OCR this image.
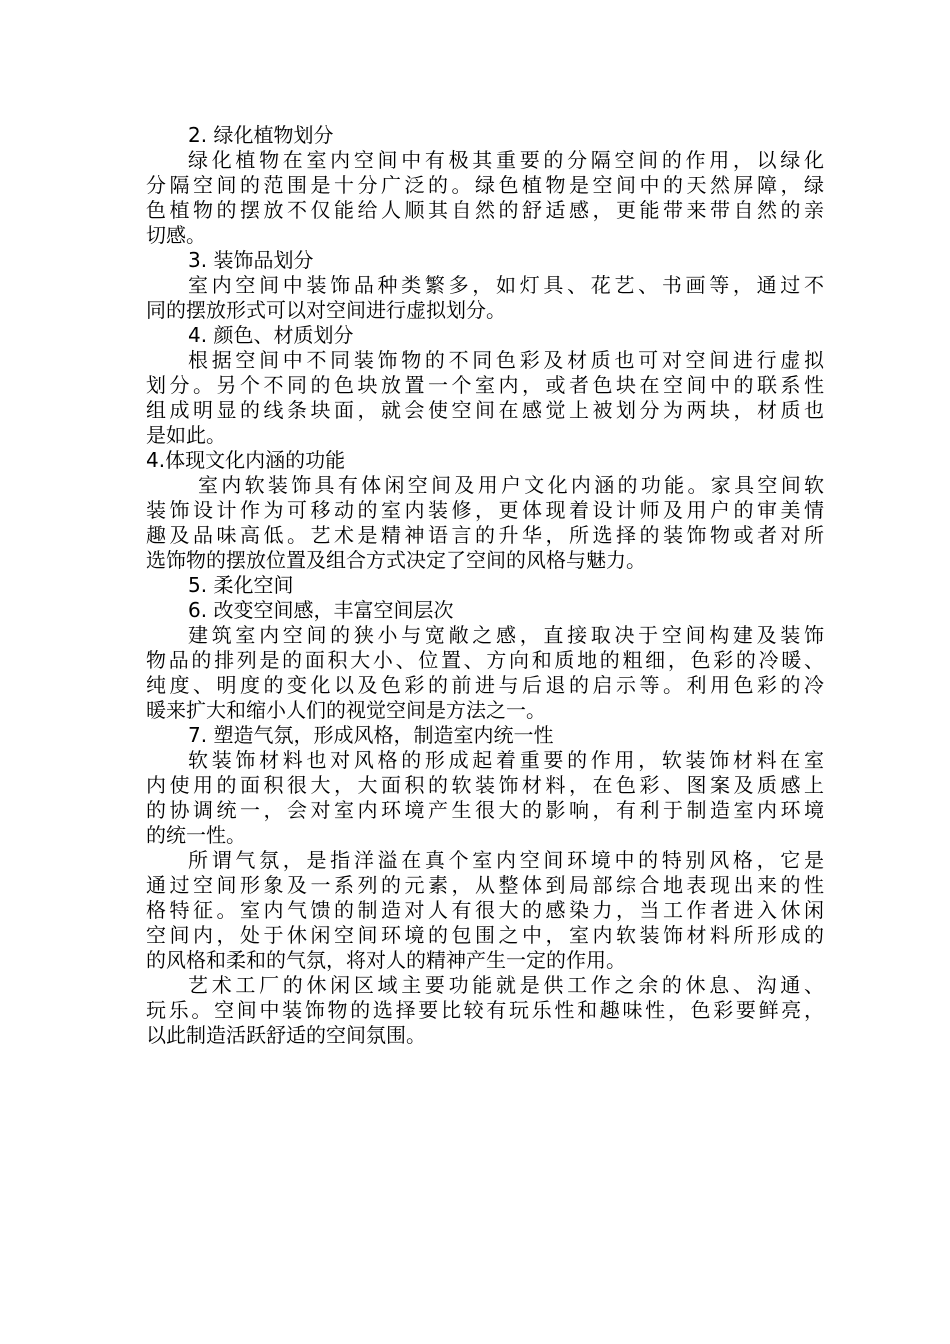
2. 绿化植物划分
绿化植物在室内空间中有极其重要的分隔空间的作用，以绿化
分隔空间的范围是十分广泛的。绿色植物是空间中的天然屏障，绿
色植物的摆放不仅能给人顺其自然的舒适感，更能带来带自然的亲
切感。
3. 装饰品划分
室内空间中装饰品种类繁多，如灯具、花艺、书画等，通过不
同的摆放形式可以对空间进行虚拟划分。
4. 颜色、材质划分
根据空间中不同装饰物的不同色彩及材质也可对空间进行虚拟
划分。另个不同的色块放置一个室内，或者色块在空间中的联系性
组成明显的线条块面，就会使空间在感觉上被划分为两块，材质也
是如此。
4.体现文化内涵的功能
室内软装饰具有体闲空间及用户文化内涵的功能。家具空间软
装饰设计作为可移动的室内装修，更体现着设计师及用户的审美情
趣及品味高低。艺术是精神语言的升华，所选择的装饰物或者对所
选饰物的摆放位置及组合方式决定了空间的风格与魅力。
5. 柔化空间
6. 改变空间感，丰富空间层次
建筑室内空间的狭小与宽敞之感，直接取决于空间构建及装饰
物品的排列是的面积大小、位置、方向和质地的粗细，色彩的冷暖、
纯度、明度的变化以及色彩的前进与后退的启示等。利用色彩的冷
暖来扩大和缩小人们的视觉空间是方法之一。
7. 塑造气氛，形成风格，制造室内统一性
软装饰材料也对风格的形成起着重要的作用，软装饰材料在室
内使用的面积很大，大面积的软装饰材料，在色彩、图案及质感上
的协调统一，会对室内环境产生很大的影响，有利于制造室内环境
的统一性。
所谓气氛，是指洋溢在真个室内空间环境中的特别风格，它是
通过空间形象及一系列的元素，从整体到局部综合地表现出来的性
格特征。室内气馈的制造对人有很大的感染力，当工作者进入休闲
空间内，处于休闲空间环境的包围之中，室内软装饰材料所形成的
的风格和柔和的气氛，将对人的精神产生一定的作用。
艺术工厂的休闲区域主要功能就是供工作之余的休息、沟通、
玩乐。空间中装饰物的选择要比较有玩乐性和趣味性，色彩要鲜亮，
以此制造活跃舒适的空间氛围。
